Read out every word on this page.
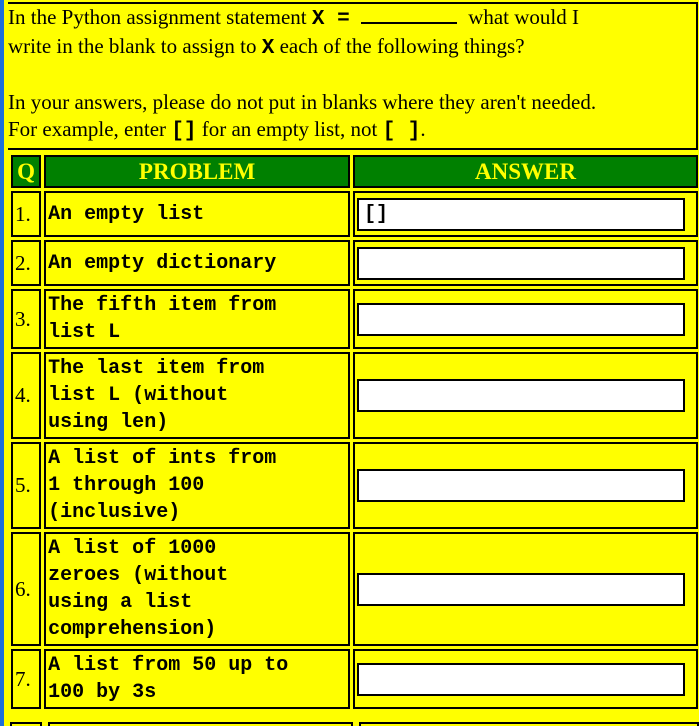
In the Python assignment statement X =	what would I

write in the blank to assign to X each of the following things?

In your answers, please do not put in blanks where they aren't needed.

For example, enter [] for an empty list, not [ ].

Q	PROBLEM	ANSWER
1.	An empty list	[]

2.	An empty dictionary	

3.	The fifth item from
list L	

4.	The last item from
list L (without
using len)	

5.	A list of ints from
1 through 100
(inclusive)	

6.	A list of 1000
zeroes (without
using a list
comprehension)	

7.	A list from 50 up to
100 by 3s	
